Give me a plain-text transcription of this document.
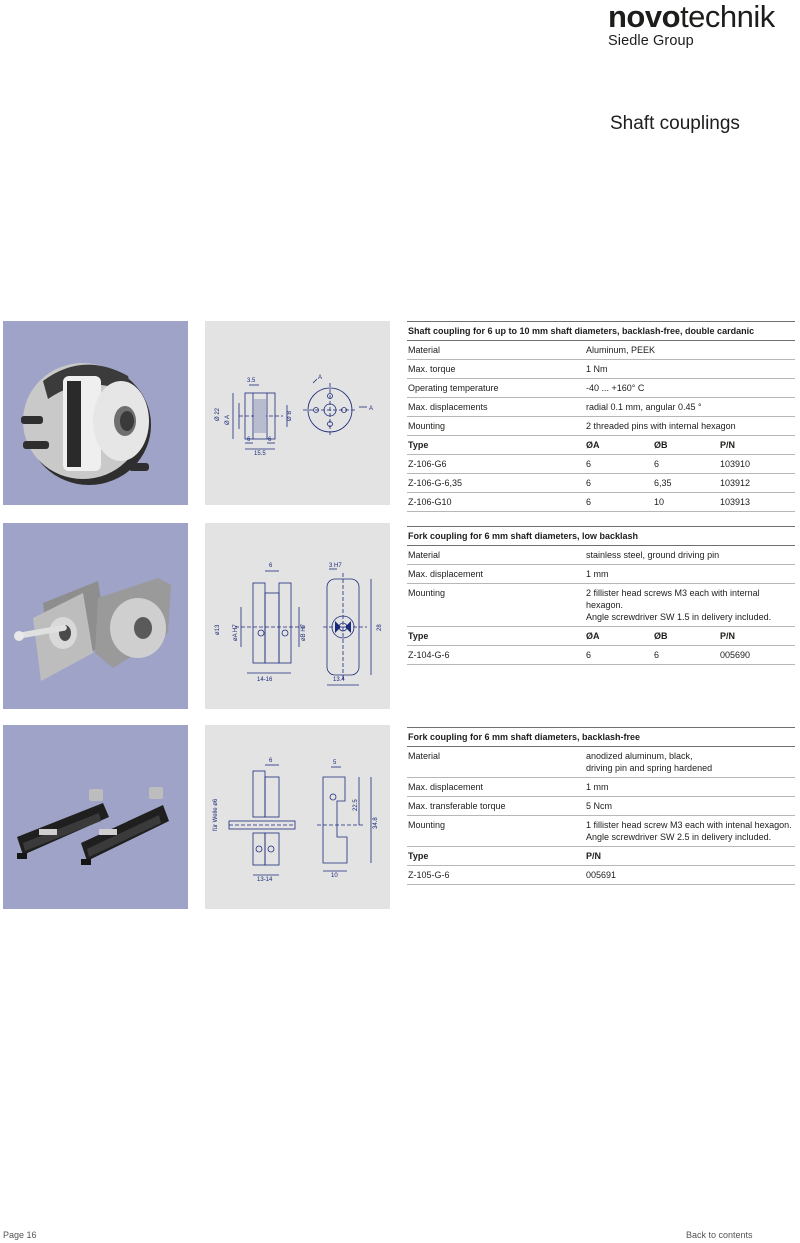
novotechnik
Siedle Group
Shaft couplings
3.5
Ø 22 Ø A	Ø B
6	6
15.5
A
A
Shaft coupling for 6 up to 10 mm shaft diameters, backlash-free, double cardanic
Material	Aluminum, PEEK
Max. torque	1 Nm
Operating temperature	-40 ... +160° C
Max. displacements	radial 0.1 mm, angular 0.45 °
Mounting	2 threaded pins with internal hexagon
Type	ØA	ØB	P/N
Z-106-G6	6	6	103910
Z-106-G-6,35	6	6,35	103912
Z-106-G10	6	10	103913
6	3 H7
øA H7	øB H7
ø13	28
14-16	13.4
Fork coupling for 6 mm shaft diameters, low backlash
Material	stainless steel, ground driving pin
Max. displacement	1 mm
Mounting	2 fillister head screws M3 each with internal hexagon.
Angle screwdriver SW 1.5 in delivery included.
Type	ØA	ØB	P/N
Z-104-G-6	6	6	005690
für Welle ø6
6	5
22.5
34.8
13-14
10
Fork coupling for 6 mm shaft diameters, backlash-free
Material	anodized aluminum, black,
driving pin and spring hardened
Max. displacement	1 mm
Max. transferable torque	5 Ncm
Mounting	1 fillister head screw M3 each with intenal hexagon.
Angle screwdriver SW 2.5 in delivery included.
Type	P/N
Z-105-G-6	005691
Page 16	Back to contents
